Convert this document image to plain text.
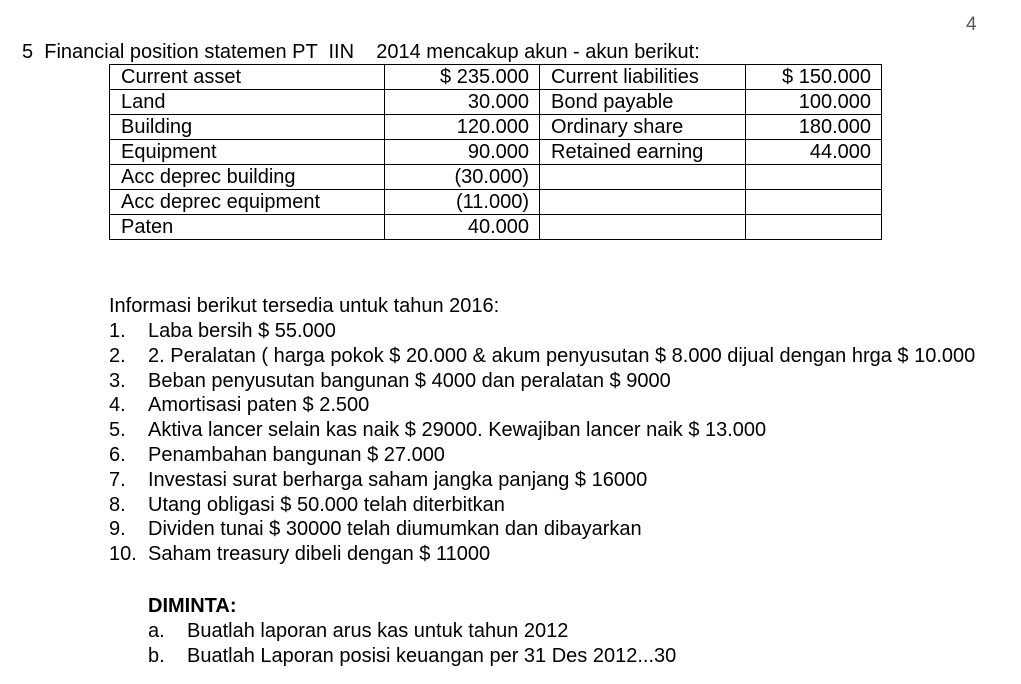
4
5  Financial position statemen PT  IIN    2014 mencakup akun - akun berikut:
Current asset	$ 235.000	Current liabilities	$ 150.000
Land	30.000	Bond payable	100.000
Building	120.000	Ordinary share	180.000
Equipment	90.000	Retained earning	44.000
Acc deprec building	(30.000)		
Acc deprec equipment	(11.000)		
Paten	40.000		
Informasi berikut tersedia untuk tahun 2016:
1. Laba bersih $ 55.000
2. 2. Peralatan ( harga pokok $ 20.000 & akum penyusutan $ 8.000 dijual dengan hrga $ 10.000
3. Beban penyusutan bangunan $ 4000 dan peralatan $ 9000
4. Amortisasi paten $ 2.500
5. Aktiva lancer selain kas naik $ 29000. Kewajiban lancer naik $ 13.000
6. Penambahan bangunan $ 27.000
7. Investasi surat berharga saham jangka panjang $ 16000
8. Utang obligasi $ 50.000 telah diterbitkan
9. Dividen tunai $ 30000 telah diumumkan dan dibayarkan
10. Saham treasury dibeli dengan $ 11000
DIMINTA:
a. Buatlah laporan arus kas untuk tahun 2012
b. Buatlah Laporan posisi keuangan per 31 Des 2012...30
